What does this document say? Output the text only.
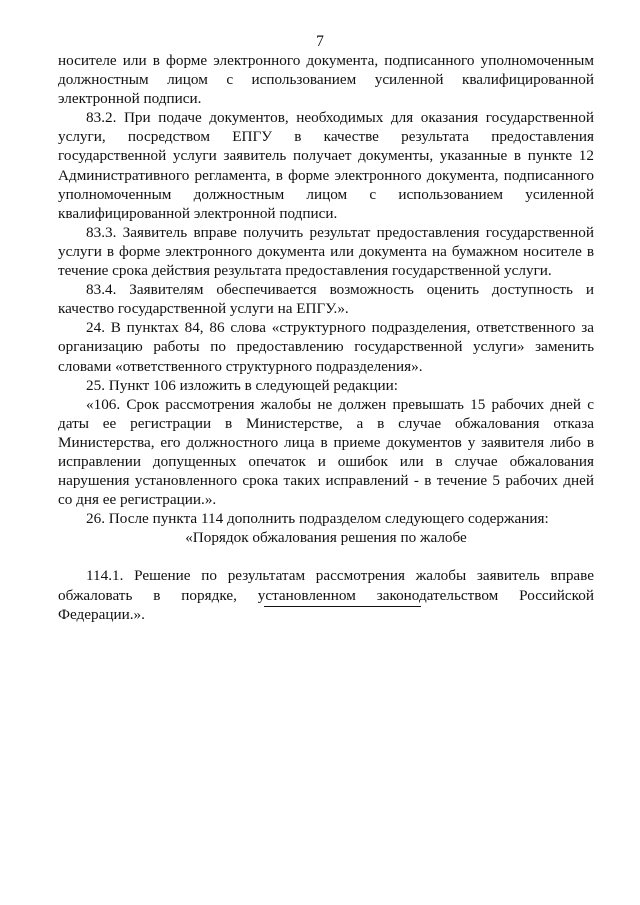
7

носителе или в форме электронного документа, подписанного уполномоченным должностным лицом с использованием усиленной квалифицированной электронной подписи.

83.2. При подаче документов, необходимых для оказания государственной услуги, посредством ЕПГУ в качестве результата предоставления государственной услуги заявитель получает документы, указанные в пункте 12 Административного регламента, в форме электронного документа, подписанного уполномоченным должностным лицом с использованием усиленной квалифицированной электронной подписи.

83.3. Заявитель вправе получить результат предоставления государственной услуги в форме электронного документа или документа на бумажном носителе в течение срока действия результата предоставления государственной услуги.

83.4. Заявителям обеспечивается возможность оценить доступность и качество государственной услуги на ЕПГУ.».

24. В пунктах 84, 86 слова «структурного подразделения, ответственного за организацию работы по предоставлению государственной услуги» заменить словами «ответственного структурного подразделения».

25. Пункт 106 изложить в следующей редакции:

«106. Срок рассмотрения жалобы не должен превышать 15 рабочих дней с даты ее регистрации в Министерстве, а в случае обжалования отказа Министерства, его должностного лица в приеме документов у заявителя либо в исправлении допущенных опечаток и ошибок или в случае обжалования нарушения установленного срока таких исправлений - в течение 5 рабочих дней со дня ее регистрации.».

26. После пункта 114 дополнить подразделом следующего содержания:

«Порядок обжалования решения по жалобе

114.1. Решение по результатам рассмотрения жалобы заявитель вправе обжаловать в порядке, установленном законодательством Российской Федерации.».
